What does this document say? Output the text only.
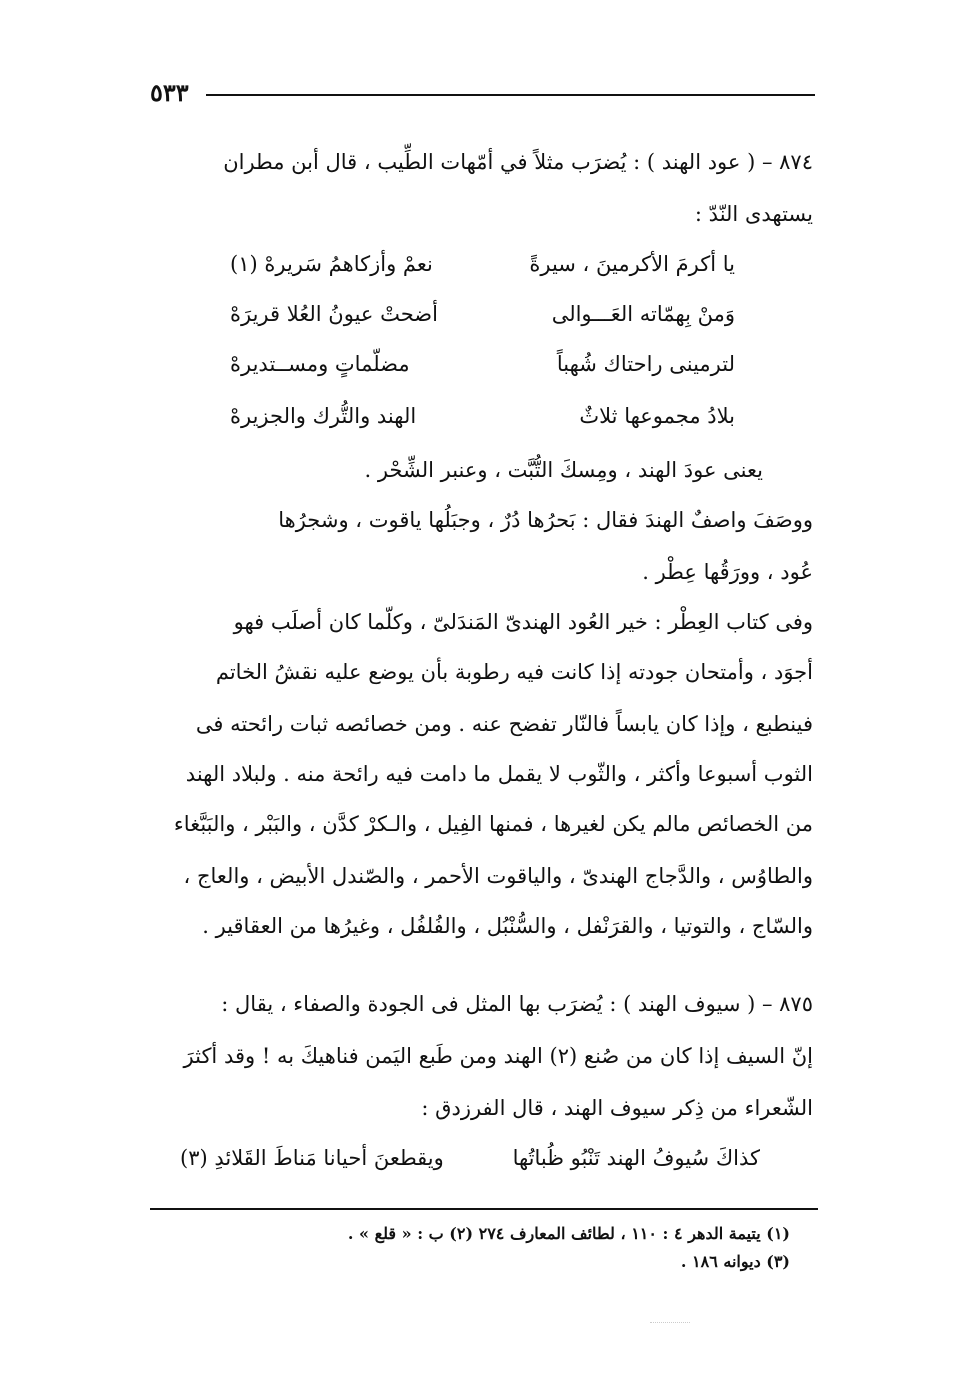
٥٣٣
٨٧٤ – ( عود الهند ) : يُضرَب مثلاً في أمّهات الطِّيب ، قال أبن مطران
يستهدى النّدّ :
يا أكرمَ الأكرمينَ ، سيرةً
نعمْ وأزكاهمُ سَريرهْ (١)
وَمنْ بِهمّاته العَـــوالى
أضحتْ عيونُ العُلا قريرَهْ
لترمينى راحتاك شُهباً
مضلّماتٍ ومســتديرهْ
بلادُ مجموعها ثلاثٌ
الهند والتُّرك والجزيرهْ
يعنى عودَ الهند ، ومِسكَ التُّبَّت ، وعنبر الشِّحْر .
ووصَفَ واصفٌ الهندَ فقال : بَحرُها دُرٌ ، وجبَلُها ياقوت ، وشجرُها
عُود ، وورَقُها عِطْر .
وفى كتاب العِطْر : خير العُود الهندىّ المَندَلىّ ، وكلّما كان أصلَب فهو
أجوَد ، وأمتحان جودته إذا كانت فيه رطوبة بأن يوضع عليه نقشُ الخاتم
فينطبع ، وإذا كان يابساً فالنّار تفضح عنه . ومن خصائصه ثبات رائحته فى
الثوب أسبوعا وأكثر ، والثّوب لا يقمل ما دامت فيه رائحة منه . ولبلاد الهند
من الخصائص مالم يكن لغيرها ، فمنها الفِيل ، والـكرْ كدَّن ، والبَبْر ، والبَبَّغاء
والطاوُس ، والدَّجاج الهندىّ ، والياقوت الأحمر ، والصّندل الأبيض ، والعاج ،
والسّاج ، والتوتيا ، والقرَنْفل ، والسُّنْبُل ، والفُلفُل ، وغيرُها من العقاقير .
٨٧٥ – ( سيوف الهند ) : يُضرَب بها المثل فى الجودة والصفاء ، يقال :
إنّ السيف إذا كان من صُنع (٢) الهند ومن طَبع اليَمن فناهيكَ به ! وقد أكثرَ
الشّعراء من ذِكر سيوف الهند ، قال الفرزدق :
كذاكَ سُيوفُ الهند تَنْبُو ظُباتُها
ويقطعنَ أحيانا مَناطَ القَلائدِ (٣)
(١) يتيمة الدهر ٤ : ١١٠ ، لطائف المعارف ٢٧٤ (٢) ب : « قلع » .
(٣) ديوانه ١٨٦ .
